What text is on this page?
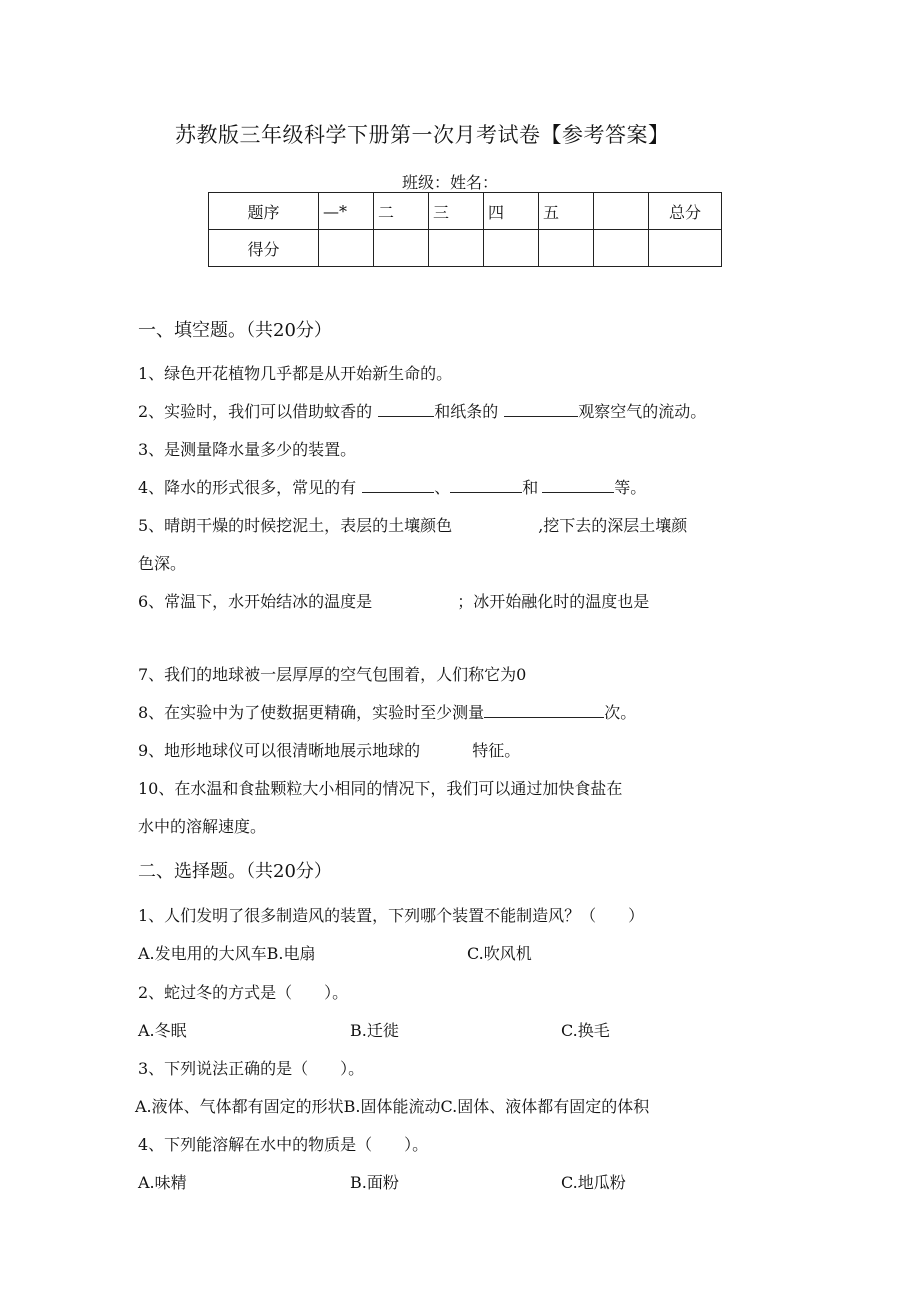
苏教版三年级科学下册第一次月考试卷【参考答案】
班级：姓名：
题序	—*	二	三	四	五		总分
得分							
一、填空题。（共20分）
1、绿色开花植物几乎都是从开始新生命的。
2、实验时，我们可以借助蚊香的	和纸条的	观察空气的流动。
3、是测量降水量多少的装置。
4、降水的形式很多，常见的有	、	和	等。
5、晴朗干燥的时候挖泥土，表层的土壤颜色	,挖下去的深层土壤颜
色深。
6、常温下，水开始结冰的温度是	；冰开始融化时的温度也是
7、我们的地球被一层厚厚的空气包围着，人们称它为0
8、在实验中为了使数据更精确，实验时至少测量	次。
9、地形地球仪可以很清晰地展示地球的	特征。
10、在水温和食盐颗粒大小相同的情况下，我们可以通过加快食盐在
水中的溶解速度。
二、选择题。（共20分）
1、人们发明了很多制造风的装置，下列哪个装置不能制造风？（　　）
A.发电用的大风车B.电扇	C.吹风机
2、蛇过冬的方式是（　　）。
A.冬眠	B.迁徙	C.换毛
3、下列说法正确的是（　　）。
A.液体、气体都有固定的形状B.固体能流动C.固体、液体都有固定的体积
4、下列能溶解在水中的物质是（　　）。
A.味精	B.面粉	C.地瓜粉
